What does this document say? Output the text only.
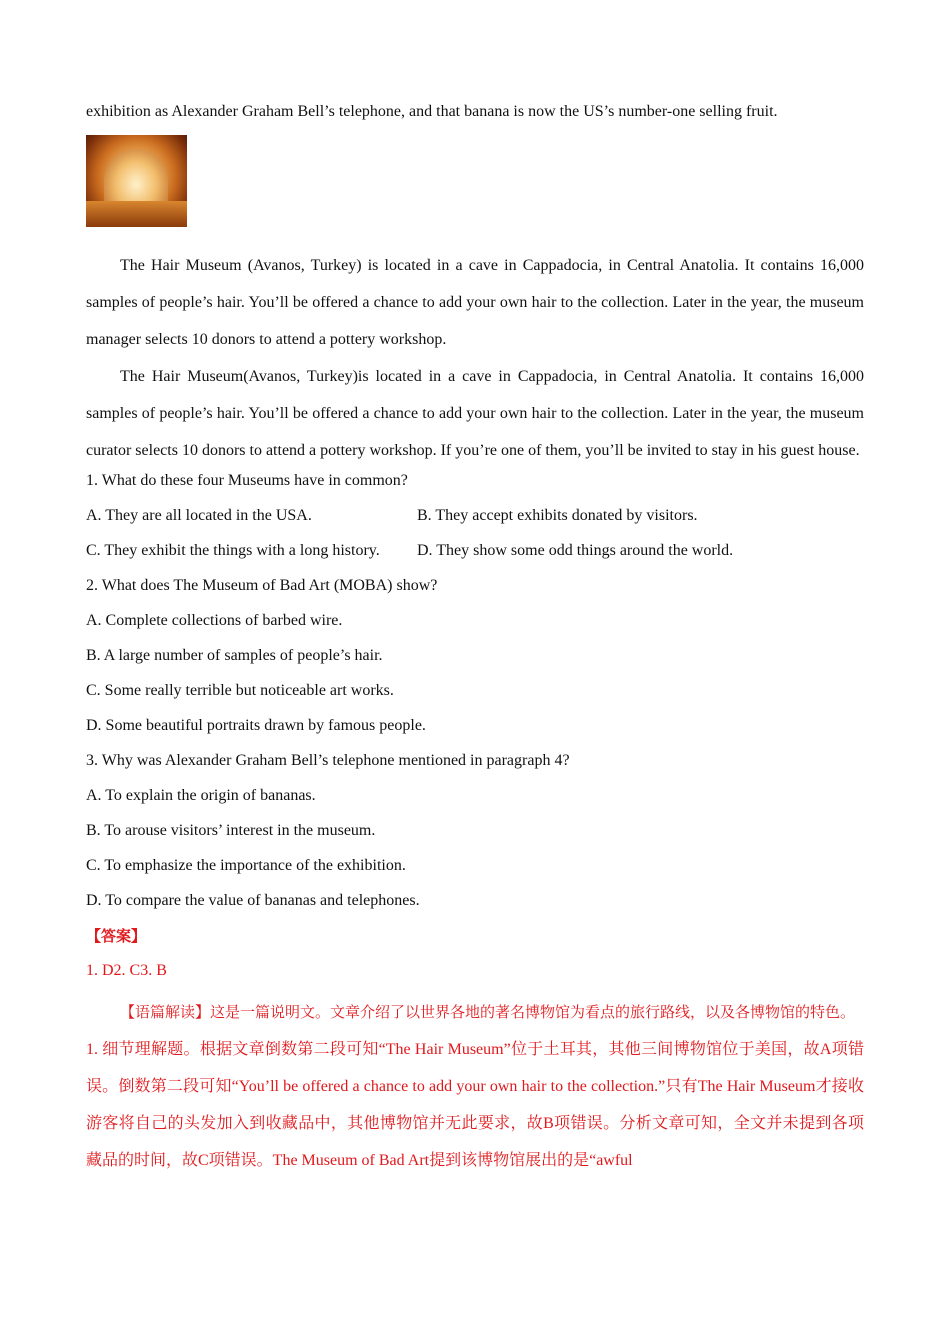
exhibition as Alexander Graham Bell’s telephone, and that banana is now the US’s number-one selling fruit.

The Hair Museum (Avanos, Turkey) is located in a cave in Cappadocia, in Central Anatolia. It contains 16,000 samples of people’s hair. You’ll be offered a chance to add your own hair to the collection. Later in the year, the museum manager selects 10 donors to attend a pottery workshop.

The Hair Museum(Avanos, Turkey)is located in a cave in Cappadocia, in Central Anatolia. It contains 16,000 samples of people’s hair. You’ll be offered a chance to add your own hair to the collection. Later in the year, the museum curator selects 10 donors to attend a pottery workshop. If you’re one of them, you’ll be invited to stay in his guest house.

1. What do these four Museums have in common?

A. They are all located in the USA.	B. They accept exhibits donated by visitors.
C. They exhibit the things with a long history.	D. They show some odd things around the world.

2. What does The Museum of Bad Art (MOBA) show?

A. Complete collections of barbed wire.

B. A large number of samples of people’s hair.

C. Some really terrible but noticeable art works.

D. Some beautiful portraits drawn by famous people.

3. Why was Alexander Graham Bell’s telephone mentioned in paragraph 4?

A. To explain the origin of bananas.

B. To arouse visitors’ interest in the museum.

C. To emphasize the importance of the exhibition.

D. To compare the value of bananas and telephones.

【答案】

1. D2. C3. B

【语篇解读】这是一篇说明文。文章介绍了以世界各地的著名博物馆为看点的旅行路线，以及各博物馆的特色。

1. 细节理解题。根据文章倒数第二段可知“The Hair Museum”位于土耳其，其他三间博物馆位于美国，故A项错误。倒数第二段可知“You’ll be offered a chance to add your own hair to the collection.”只有The Hair Museum才接收游客将自己的头发加入到收藏品中，其他博物馆并无此要求，故B项错误。分析文章可知，全文并未提到各项藏品的时间，故C项错误。The Museum of Bad Art提到该博物馆展出的是“awful
